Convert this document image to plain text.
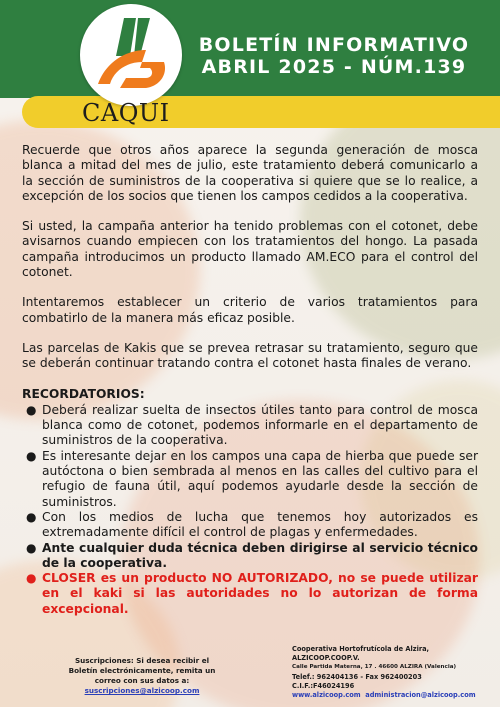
BOLETÍN INFORMATIVO
ABRIL 2025 - NÚM.139
CAQUI

Recuerde que otros años aparece la segunda generación de mosca blanca a mitad del mes de julio, este tratamiento deberá comunicarlo a la sección de suministros de la cooperativa si quiere que se lo realice, a excepción de los socios que tienen los campos cedidos a la cooperativa.

Si usted, la campaña anterior ha tenido problemas con el cotonet, debe avisarnos cuando empiecen con los tratamientos del hongo. La pasada campaña introducimos un producto llamado AM.ECO para el control del cotonet.

Intentaremos establecer un criterio de varios tratamientos para combatirlo de la manera más eficaz posible.

Las parcelas de Kakis que se prevea retrasar su tratamiento, seguro que se deberán continuar tratando contra el cotonet hasta finales de verano.

RECORDATORIOS:
● Deberá realizar suelta de insectos útiles tanto para control de mosca blanca como de cotonet, podemos informarle en el departamento de suministros de la cooperativa.
● Es interesante dejar en los campos una capa de hierba que puede ser autóctona o bien sembrada al menos en las calles del cultivo para el refugio de fauna útil, aquí podemos ayudarle desde la sección de suministros.
● Con los medios de lucha que tenemos hoy autorizados es extremadamente difícil el control de plagas y enfermedades.
● Ante cualquier duda técnica deben dirigirse al servicio técnico de la cooperativa.
● CLOSER es un producto NO AUTORIZADO, no se puede utilizar en el kaki si las autoridades no lo autorizan de forma excepcional.
Suscripciones: Si desea recibir el
Boletín electrónicamente, remita un
correo con sus datos a:
suscripciones@alzicoop.com
Cooperativa Hortofrutícola de Alzira,
ALZICOOP.COOP.V.
Calle Partida Materna, 17 . 46600 ALZIRA (Valencia)
Telef.: 962404136 - Fax 962400203
C.I.F.:F46024196
www.alzicoop.com administracion@alzicoop.com
